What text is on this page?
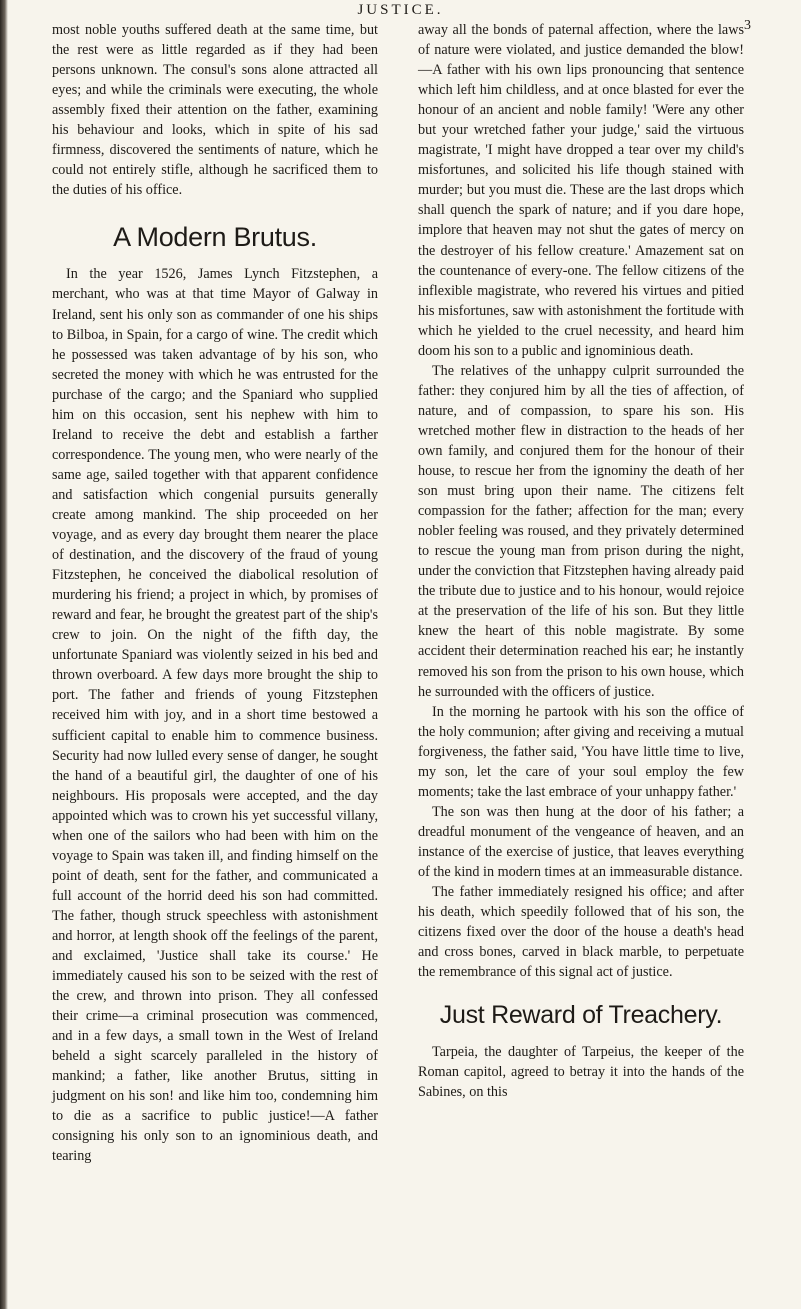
JUSTICE.
3

most noble youths suffered death at the same time, but the rest were as little regarded as if they had been persons unknown. The consul's sons alone attracted all eyes; and while the criminals were executing, the whole assembly fixed their attention on the father, examining his behaviour and looks, which in spite of his sad firmness, discovered the sentiments of nature, which he could not entirely stifle, although he sacrificed them to the duties of his office.

A Modern Brutus.

In the year 1526, James Lynch Fitzstephen, a merchant, who was at that time Mayor of Galway in Ireland, sent his only son as commander of one his ships to Bilboa, in Spain, for a cargo of wine. The credit which he possessed was taken advantage of by his son, who secreted the money with which he was entrusted for the purchase of the cargo; and the Spaniard who supplied him on this occasion, sent his nephew with him to Ireland to receive the debt and establish a farther correspondence. The young men, who were nearly of the same age, sailed together with that apparent confidence and satisfaction which congenial pursuits generally create among mankind. The ship proceeded on her voyage, and as every day brought them nearer the place of destination, and the discovery of the fraud of young Fitzstephen, he conceived the diabolical resolution of murdering his friend; a project in which, by promises of reward and fear, he brought the greatest part of the ship's crew to join. On the night of the fifth day, the unfortunate Spaniard was violently seized in his bed and thrown overboard. A few days more brought the ship to port. The father and friends of young Fitzstephen received him with joy, and in a short time bestowed a sufficient capital to enable him to commence business. Security had now lulled every sense of danger, he sought the hand of a beautiful girl, the daughter of one of his neighbours. His proposals were accepted, and the day appointed which was to crown his yet successful villany, when one of the sailors who had been with him on the voyage to Spain was taken ill, and finding himself on the point of death, sent for the father, and communicated a full account of the horrid deed his son had committed. The father, though struck speechless with astonishment and horror, at length shook off the feelings of the parent, and exclaimed, 'Justice shall take its course.' He immediately caused his son to be seized with the rest of the crew, and thrown into prison. They all confessed their crime—a criminal prosecution was commenced, and in a few days, a small town in the West of Ireland beheld a sight scarcely paralleled in the history of mankind; a father, like another Brutus, sitting in judgment on his son! and like him too, condemning him to die as a sacrifice to public justice!—A father consigning his only son to an ignominious death, and tearing

away all the bonds of paternal affection, where the laws of nature were violated, and justice demanded the blow!—A father with his own lips pronouncing that sentence which left him childless, and at once blasted for ever the honour of an ancient and noble family! 'Were any other but your wretched father your judge,' said the virtuous magistrate, 'I might have dropped a tear over my child's misfortunes, and solicited his life though stained with murder; but you must die. These are the last drops which shall quench the spark of nature; and if you dare hope, implore that heaven may not shut the gates of mercy on the destroyer of his fellow creature.' Amazement sat on the countenance of every-one. The fellow citizens of the inflexible magistrate, who revered his virtues and pitied his misfortunes, saw with astonishment the fortitude with which he yielded to the cruel necessity, and heard him doom his son to a public and ignominious death.

The relatives of the unhappy culprit surrounded the father: they conjured him by all the ties of affection, of nature, and of compassion, to spare his son. His wretched mother flew in distraction to the heads of her own family, and conjured them for the honour of their house, to rescue her from the ignominy the death of her son must bring upon their name. The citizens felt compassion for the father; affection for the man; every nobler feeling was roused, and they privately determined to rescue the young man from prison during the night, under the conviction that Fitzstephen having already paid the tribute due to justice and to his honour, would rejoice at the preservation of the life of his son. But they little knew the heart of this noble magistrate. By some accident their determination reached his ear; he instantly removed his son from the prison to his own house, which he surrounded with the officers of justice.

In the morning he partook with his son the office of the holy communion; after giving and receiving a mutual forgiveness, the father said, 'You have little time to live, my son, let the care of your soul employ the few moments; take the last embrace of your unhappy father.'

The son was then hung at the door of his father; a dreadful monument of the vengeance of heaven, and an instance of the exercise of justice, that leaves everything of the kind in modern times at an immeasurable distance.

The father immediately resigned his office; and after his death, which speedily followed that of his son, the citizens fixed over the door of the house a death's head and cross bones, carved in black marble, to perpetuate the remembrance of this signal act of justice.

Just Reward of Treachery.

Tarpeia, the daughter of Tarpeius, the keeper of the Roman capitol, agreed to betray it into the hands of the Sabines, on this
